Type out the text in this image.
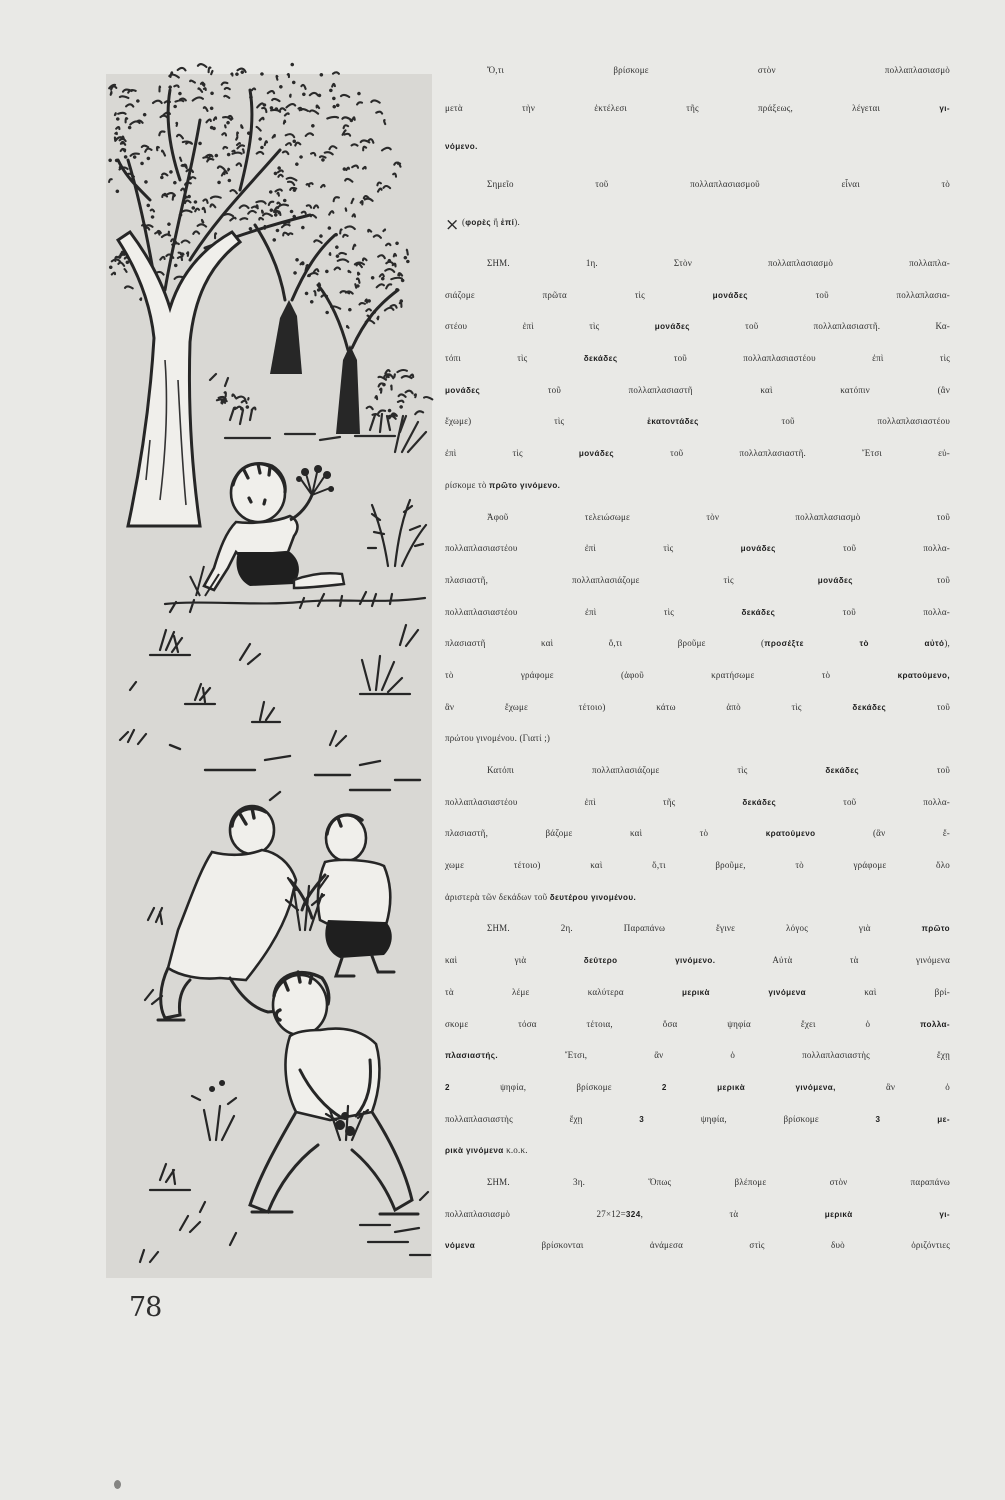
Ὅ,τι βρίσκομε στὸν πολλαπλασιασμὸ
μετὰ τὴν ἐκτέλεσι τῆς πράξεως, λέγεται γι-
νόμενο.
Σημεῖο τοῦ πολλαπλασιασμοῦ εἶναι τὸ
× (φορὲς ἢ ἐπί).
ΣΗΜ. 1η. Στὸν πολλαπλασιασμὸ πολλαπλα-
σιάζομε πρῶτα τὶς μονάδες τοῦ πολλαπλασια-
στέου ἐπὶ τὶς μονάδες τοῦ πολλαπλασιαστῆ. Κα-
τόπι τὶς δεκάδες τοῦ πολλαπλασιαστέου ἐπὶ τὶς
μονάδες τοῦ πολλαπλασιαστῆ καὶ κατόπιν (ἂν
ἔχωμε) τὶς ἑκατοντάδες τοῦ πολλαπλασιαστέου
ἐπὶ τὶς μονάδες τοῦ πολλαπλασιαστῆ. Ἔτσι εὑ-
ρίσκομε τὸ πρῶτο γινόμενο.
Ἀφοῦ τελειώσωμε τὸν πολλαπλασιασμὸ τοῦ
πολλαπλασιαστέου ἐπὶ τὶς μονάδες τοῦ πολλα-
πλασιαστῆ, πολλαπλασιάζομε τὶς μονάδες τοῦ
πολλαπλασιαστέου ἐπὶ τὶς δεκάδες τοῦ πολλα-
πλασιαστῆ καὶ ὅ,τι βροῦμε (προσέξτε τὸ αὐτό),
τὸ γράφομε (ἀφοῦ κρατήσωμε τὸ κρατούμενο,
ἂν ἔχωμε τέτοιο) κάτω ἀπὸ τὶς δεκάδες τοῦ
πρώτου γινομένου. (Γιατί ;)
Κατόπι πολλαπλασιάζομε τὶς δεκάδες τοῦ
πολλαπλασιαστέου ἐπὶ τῆς δεκάδες τοῦ πολλα-
πλασιαστῆ, βάζομε καὶ τὸ κρατούμενο (ἂν ἔ-
χωμε τέτοιο) καὶ ὅ,τι βροῦμε, τὸ γράφομε ὅλο
ἀριστερὰ τῶν δεκάδων τοῦ δευτέρου γινομένου.
ΣΗΜ. 2η. Παραπάνω ἔγινε λόγος γιὰ πρῶτο
καὶ γιὰ δεύτερο γινόμενο. Αὐτὰ τὰ γινόμενα
τὰ λέμε καλύτερα μερικὰ γινόμενα καὶ βρί-
σκομε τόσα τέτοια, ὅσα ψηφία ἔχει ὁ πολλα-
πλασιαστής. Ἔτσι, ἂν ὁ πολλαπλασιαστὴς ἔχῃ
2 ψηφία, βρίσκομε 2 μερικὰ γινόμενα, ἂν ὁ
πολλαπλασιαστὴς ἔχῃ 3 ψηφία, βρίσκομε 3 με-
ρικὰ γινόμενα κ.ο.κ.
ΣΗΜ. 3η. Ὅπως βλέπομε στὸν παραπάνω
πολλαπλασιασμὸ 27×12=324, τὰ μερικὰ γι-
νόμενα βρίσκονται ἀνάμεσα στὶς δυὸ ὁριζόντιες
78
